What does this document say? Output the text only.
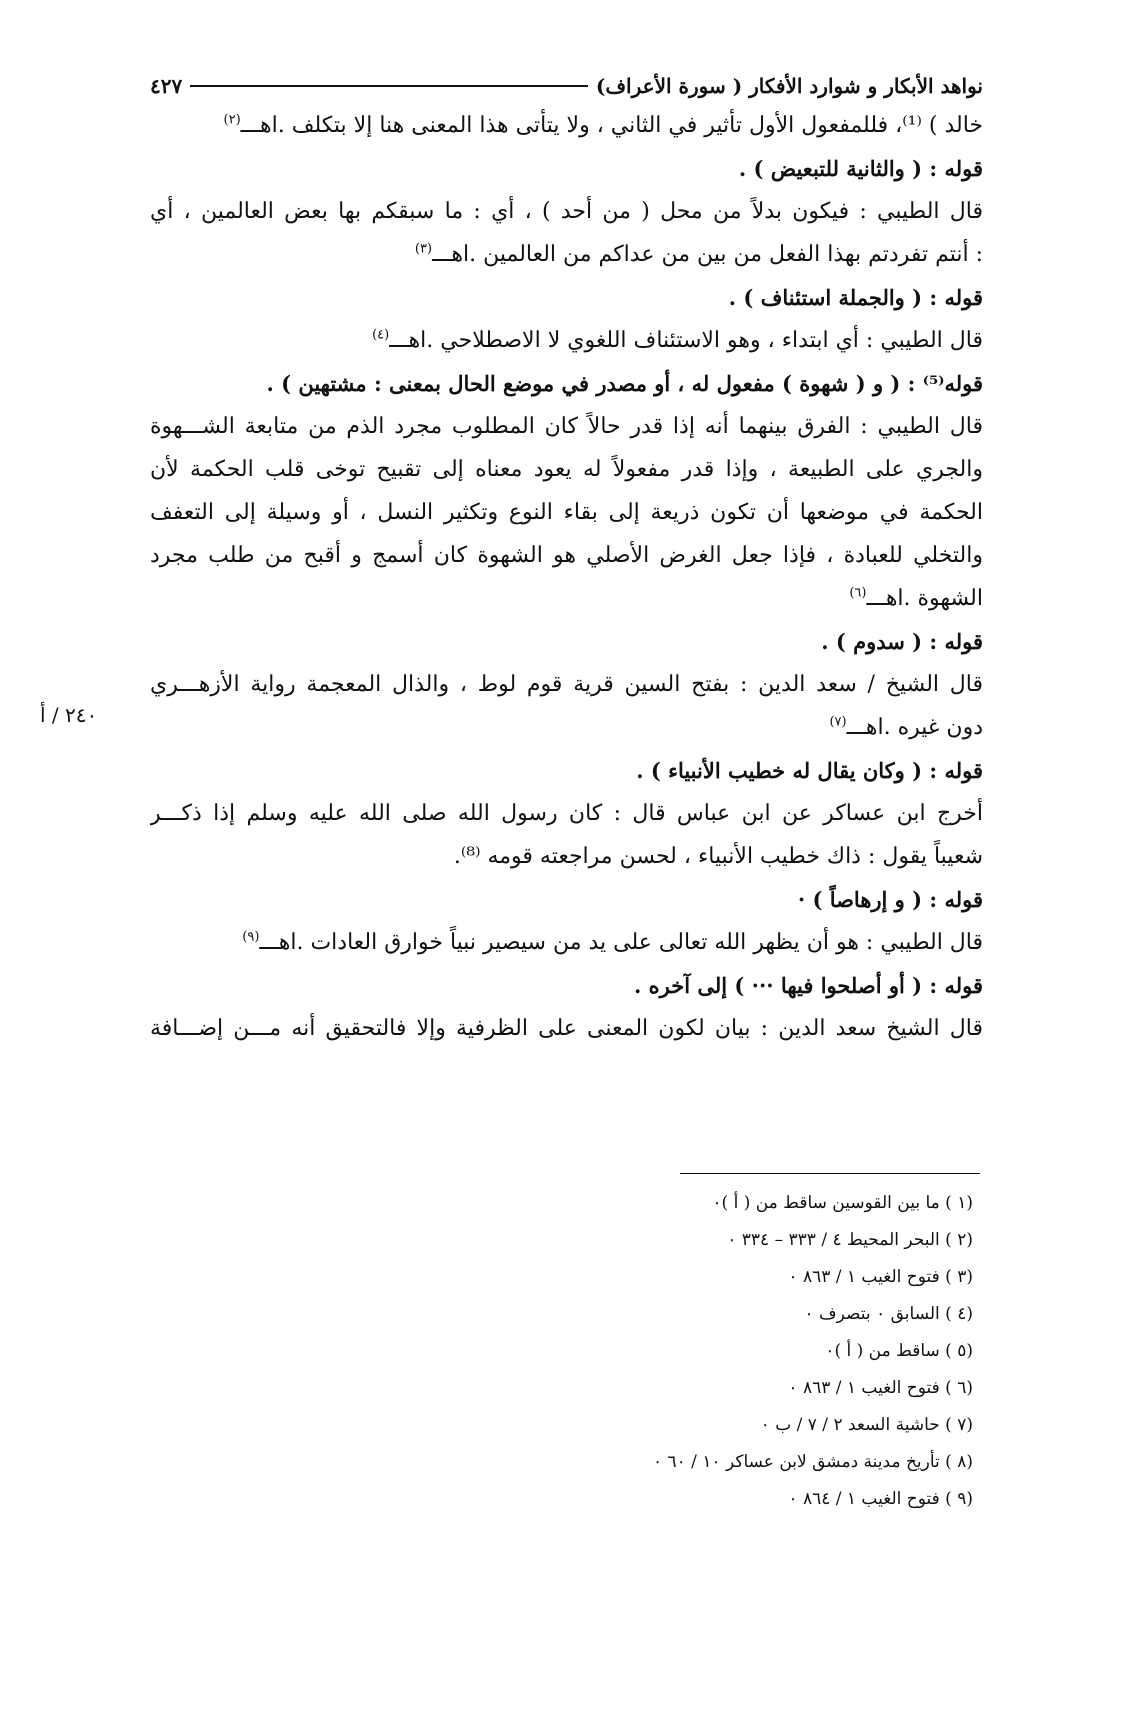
نواهد الأبكار و شوارد الأفكار ( سورة الأعراف)
٤٢٧
٢٤٠ / أ
خالد ) ⁽¹⁾، فللمفعول الأول تأثير في الثاني ، ولا يتأتى هذا المعنى هنا إلا بتكلف .اهـــ$^{(٢)}$
قوله : ( والثانية للتبعيض ) .
قال الطيبي : فيكون بدلاً من محل ( من أحد ) ، أي : ما سبقكم بها بعض العالمين ، أي
: أنتم تفردتم بهذا الفعل من بين من عداكم من العالمين .اهـــ$^{(٣)}$
قوله : ( والجملة استئناف ) .
قال الطيبي : أي ابتداء ، وهو الاستئناف اللغوي لا الاصطلاحي .اهـــ$^{(٤)}$
قوله⁽⁵⁾ : ( و ( شهوة ) مفعول له ، أو مصدر في موضع الحال بمعنى : مشتهين ) .
قال الطيبي : الفرق بينهما أنه إذا قدر حالاً كان المطلوب مجرد الذم من متابعة الشـــهوة
والجري على الطبيعة ، وإذا قدر مفعولاً له يعود معناه إلى تقبيح توخى قلب الحكمة لأن
الحكمة في موضعها أن تكون ذريعة إلى بقاء النوع وتكثير النسل ، أو وسيلة إلى التعفف
والتخلي للعبادة ، فإذا جعل الغرض الأصلي هو الشهوة كان أسمج و أقبح من طلب مجرد
الشهوة .اهـــ$^{(٦)}$
قوله : ( سدوم ) .
قال الشيخ / سعد الدين : بفتح السين قرية قوم لوط ، والذال المعجمة رواية الأزهـــري
دون غيره .اهـــ$^{(٧)}$
قوله : ( وكان يقال له خطيب الأنبياء ) .
أخرج ابن عساكر عن ابن عباس قال : كان رسول الله صلى الله عليه وسلم إذا ذكـــر
شعيباً يقول : ذاك خطيب الأنبياء ، لحسن مراجعته قومه ⁽⁸⁾.
قوله : ( و إرهاصاً ) ·
قال الطيبي : هو أن يظهر الله تعالى على يد من سيصير نبياً خوارق العادات .اهـــ$^{(٩)}$
قوله : ( أو أصلحوا فيها ··· ) إلى آخره .
قال الشيخ سعد الدين : بيان لكون المعنى على الظرفية وإلا فالتحقيق أنه مـــن إضـــافة
(١ ) ما بين القوسين ساقط من ( أ )٠
(٢ ) البحر المحيط ٤ / ٣٣٣ – ٣٣٤ ٠
(٣ ) فتوح الغيب ١ / ٨٦٣ ٠
(٤ ) السابق ٠ بتصرف ٠
(٥ ) ساقط من ( أ )٠
(٦ ) فتوح الغيب ١ / ٨٦٣ ٠
(٧ ) حاشية السعد ٢ / ٧ / ب ٠
(٨ ) تأريخ مدينة دمشق لابن عساكر ١٠ / ٦٠ ٠
(٩ ) فتوح الغيب ١ / ٨٦٤ ٠
